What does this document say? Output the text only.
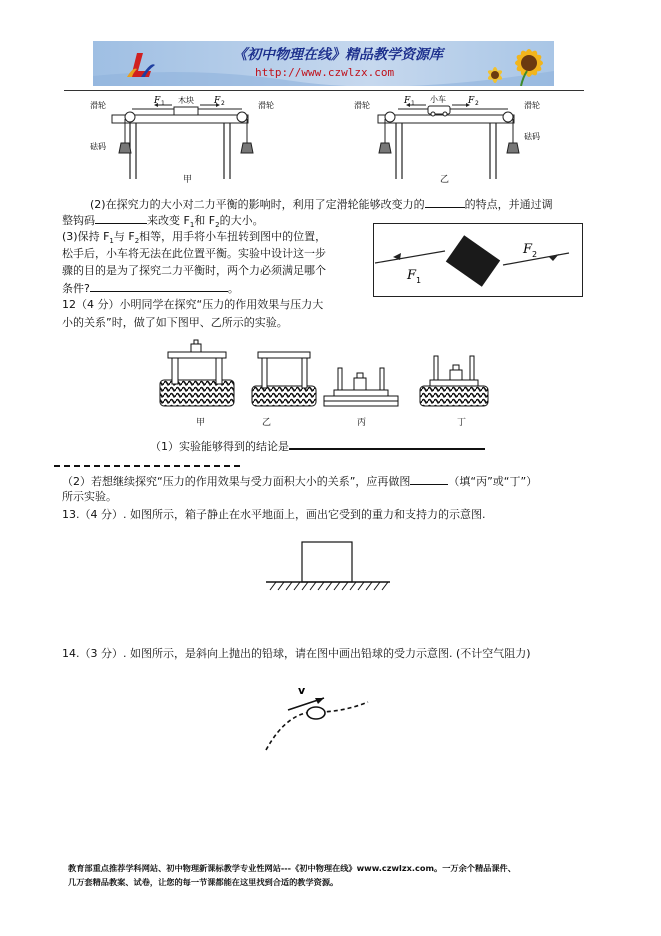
《初中物理在线》精品教学资源库
http://www.czwlzx.com
F 1	F 2
木块
滑轮	滑轮
砝码
甲
F 1	F 2
小车
滑轮	滑轮
砝码
乙
(2)在探究力的大小对二力平衡的影响时，利用了定滑轮能够改变力的	的特点，并通过调
整钩码	来改变 $F_1$和 $F_2$的大小。
(3)保持 $F_1$与 $F_2$相等，用手将小车扭转到图中的位置，
松手后，小车将无法在此位置平衡。实验中设计这一步
骤的目的是为了探究二力平衡时，两个力必须满足哪个
条件?	。
F 1
F 2
12（4 分）小明同学在探究“压力的作用效果与压力大
小的关系”时，做了如下图甲、乙所示的实验。
甲	乙	丙	丁
（1）实验能够得到的结论是
（2）若想继续探究“压力的作用效果与受力面积大小的关系”，应再做图	（填“丙”或“丁”）
所示实验。
13.（4 分）. 如图所示，箱子静止在水平地面上，画出它受到的重力和支持力的示意图.
14.（3 分）. 如图所示，是斜向上抛出的铅球，请在图中画出铅球的受力示意图. (不计空气阻力)
v
教育部重点推荐学科网站、初中物理新课标教学专业性网站---《初中物理在线》www.czwlzx.com。一万余个精品课件、
几万套精品教案、试卷，让您的每一节课都能在这里找到合适的教学资源。
